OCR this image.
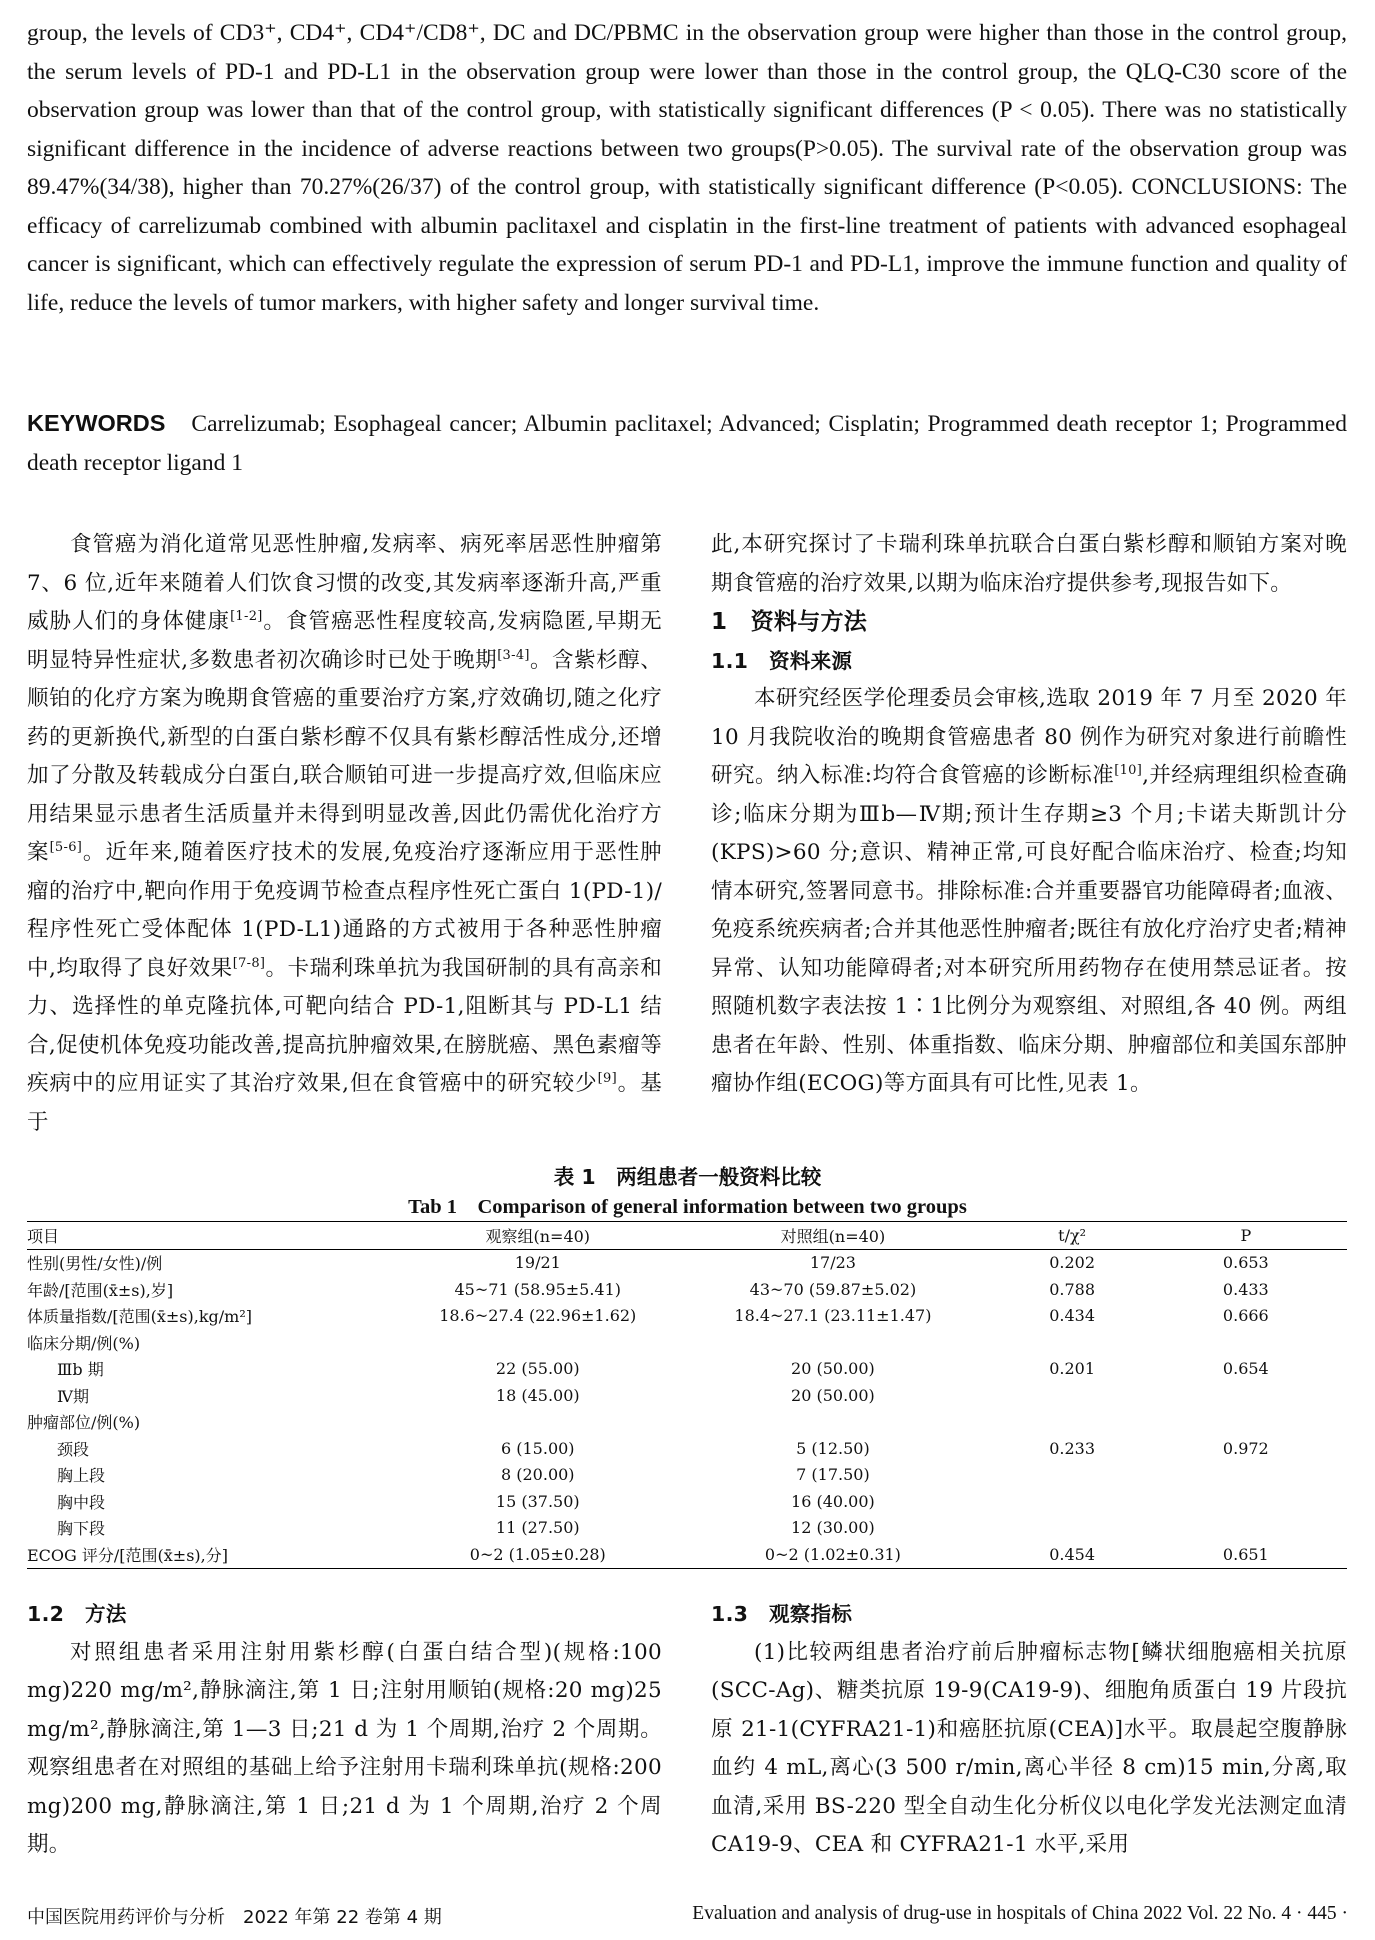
group, the levels of CD3⁺, CD4⁺, CD4⁺/CD8⁺, DC and DC/PBMC in the observation group were higher than those in the control group, the serum levels of PD-1 and PD-L1 in the observation group were lower than those in the control group, the QLQ-C30 score of the observation group was lower than that of the control group, with statistically significant differences (P < 0.05). There was no statistically significant difference in the incidence of adverse reactions between two groups(P>0.05). The survival rate of the observation group was 89.47%(34/38), higher than 70.27%(26/37) of the control group, with statistically significant difference (P<0.05). CONCLUSIONS: The efficacy of carrelizumab combined with albumin paclitaxel and cisplatin in the first-line treatment of patients with advanced esophageal cancer is significant, which can effectively regulate the expression of serum PD-1 and PD-L1, improve the immune function and quality of life, reduce the levels of tumor markers, with higher safety and longer survival time.
KEYWORDS Carrelizumab; Esophageal cancer; Albumin paclitaxel; Advanced; Cisplatin; Programmed death receptor 1; Programmed death receptor ligand 1

食管癌为消化道常见恶性肿瘤,发病率、病死率居恶性肿瘤第 7、6 位,近年来随着人们饮食习惯的改变,其发病率逐渐升高,严重威胁人们的身体健康[1-2]。食管癌恶性程度较高,发病隐匿,早期无明显特异性症状,多数患者初次确诊时已处于晚期[3-4]。含紫杉醇、顺铂的化疗方案为晚期食管癌的重要治疗方案,疗效确切,随之化疗药的更新换代,新型的白蛋白紫杉醇不仅具有紫杉醇活性成分,还增加了分散及转载成分白蛋白,联合顺铂可进一步提高疗效,但临床应用结果显示患者生活质量并未得到明显改善,因此仍需优化治疗方案[5-6]。近年来,随着医疗技术的发展,免疫治疗逐渐应用于恶性肿瘤的治疗中,靶向作用于免疫调节检查点程序性死亡蛋白 1(PD-1)/程序性死亡受体配体 1(PD-L1)通路的方式被用于各种恶性肿瘤中,均取得了良好效果[7-8]。卡瑞利珠单抗为我国研制的具有高亲和力、选择性的单克隆抗体,可靶向结合 PD-1,阻断其与 PD-L1 结合,促使机体免疫功能改善,提高抗肿瘤效果,在膀胱癌、黑色素瘤等疾病中的应用证实了其治疗效果,但在食管癌中的研究较少[9]。基于

此,本研究探讨了卡瑞利珠单抗联合白蛋白紫杉醇和顺铂方案对晚期食管癌的治疗效果,以期为临床治疗提供参考,现报告如下。

1　资料与方法

1.1　资料来源

本研究经医学伦理委员会审核,选取 2019 年 7 月至 2020 年 10 月我院收治的晚期食管癌患者 80 例作为研究对象进行前瞻性研究。纳入标准:均符合食管癌的诊断标准[10],并经病理组织检查确诊;临床分期为Ⅲb—Ⅳ期;预计生存期≥3 个月;卡诺夫斯凯计分(KPS)>60 分;意识、精神正常,可良好配合临床治疗、检查;均知情本研究,签署同意书。排除标准:合并重要器官功能障碍者;血液、免疫系统疾病者;合并其他恶性肿瘤者;既往有放化疗治疗史者;精神异常、认知功能障碍者;对本研究所用药物存在使用禁忌证者。按照随机数字表法按 1∶1比例分为观察组、对照组,各 40 例。两组患者在年龄、性别、体重指数、临床分期、肿瘤部位和美国东部肿瘤协作组(ECOG)等方面具有可比性,见表 1。

表 1　两组患者一般资料比较
Tab 1　Comparison of general information between two groups
项目	观察组(n=40)	对照组(n=40)	t/χ²	P
性别(男性/女性)/例	19/21	17/23	0.202	0.653
年龄/[范围(x̄±s),岁]	45~71 (58.95±5.41)	43~70 (59.87±5.02)	0.788	0.433
体质量指数/[范围(x̄±s),kg/m²]	18.6~27.4 (22.96±1.62)	18.4~27.1 (23.11±1.47)	0.434	0.666
临床分期/例(%)				
Ⅲb 期	22 (55.00)	20 (50.00)	0.201	0.654
Ⅳ期	18 (45.00)	20 (50.00)		
肿瘤部位/例(%)				
颈段	6 (15.00)	5 (12.50)	0.233	0.972
胸上段	8 (20.00)	7 (17.50)		
胸中段	15 (37.50)	16 (40.00)		
胸下段	11 (27.50)	12 (30.00)		
ECOG 评分/[范围(x̄±s),分]	0~2 (1.05±0.28)	0~2 (1.02±0.31)	0.454	0.651

1.2　方法

对照组患者采用注射用紫杉醇(白蛋白结合型)(规格:100 mg)220 mg/m²,静脉滴注,第 1 日;注射用顺铂(规格:20 mg)25 mg/m²,静脉滴注,第 1—3 日;21 d 为 1 个周期,治疗 2 个周期。观察组患者在对照组的基础上给予注射用卡瑞利珠单抗(规格:200 mg)200 mg,静脉滴注,第 1 日;21 d 为 1 个周期,治疗 2 个周期。

1.3　观察指标

(1)比较两组患者治疗前后肿瘤标志物[鳞状细胞癌相关抗原(SCC-Ag)、糖类抗原 19-9(CA19-9)、细胞角质蛋白 19 片段抗原 21-1(CYFRA21-1)和癌胚抗原(CEA)]水平。取晨起空腹静脉血约 4 mL,离心(3 500 r/min,离心半径 8 cm)15 min,分离,取血清,采用 BS-220 型全自动生化分析仪以电化学发光法测定血清 CA19-9、CEA 和 CYFRA21-1 水平,采用

中国医院用药评价与分析　2022 年第 22 卷第 4 期	Evaluation and analysis of drug-use in hospitals of China 2022 Vol. 22 No. 4 · 445 ·
